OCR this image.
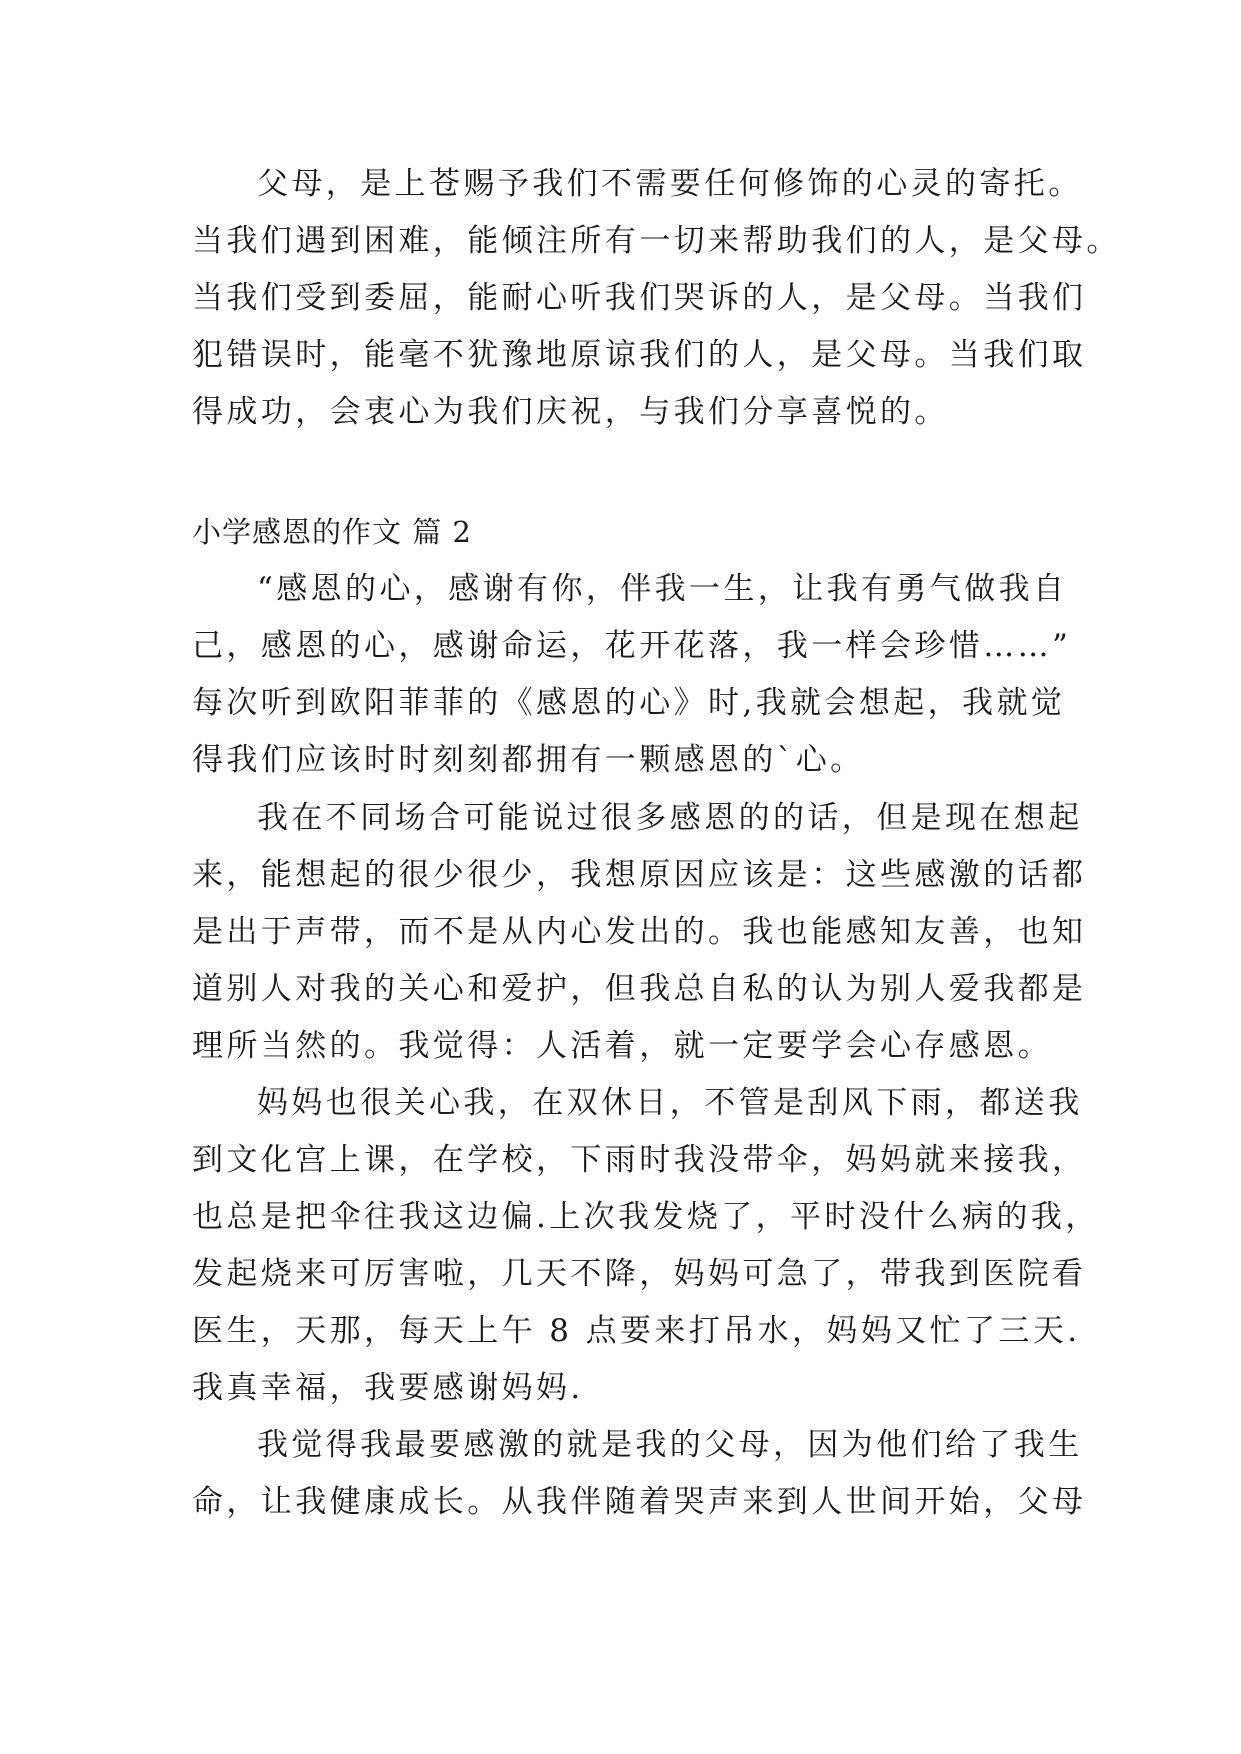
父母，是上苍赐予我们不需要任何修饰的心灵的寄托。
当我们遇到困难，能倾注所有一切来帮助我们的人，是父母。
当我们受到委屈，能耐心听我们哭诉的人，是父母。当我们
犯错误时，能毫不犹豫地原谅我们的人，是父母。当我们取
得成功，会衷心为我们庆祝，与我们分享喜悦的。
小学感恩的作文 篇 2
“感恩的心，感谢有你，伴我一生，让我有勇气做我自
己，感恩的心，感谢命运，花开花落，我一样会珍惜……”
每次听到欧阳菲菲的《感恩的心》时,我就会想起，我就觉
得我们应该时时刻刻都拥有一颗感恩的`心。
我在不同场合可能说过很多感恩的的话，但是现在想起
来，能想起的很少很少，我想原因应该是：这些感激的话都
是出于声带，而不是从内心发出的。我也能感知友善，也知
道别人对我的关心和爱护，但我总自私的认为别人爱我都是
理所当然的。我觉得：人活着，就一定要学会心存感恩。
妈妈也很关心我，在双休日，不管是刮风下雨，都送我
到文化宫上课，在学校，下雨时我没带伞，妈妈就来接我，
也总是把伞往我这边偏.上次我发烧了，平时没什么病的我，
发起烧来可厉害啦，几天不降，妈妈可急了，带我到医院看
医生，天那，每天上午 8 点要来打吊水，妈妈又忙了三天.
我真幸福，我要感谢妈妈.
我觉得我最要感激的就是我的父母，因为他们给了我生
命，让我健康成长。从我伴随着哭声来到人世间开始，父母
